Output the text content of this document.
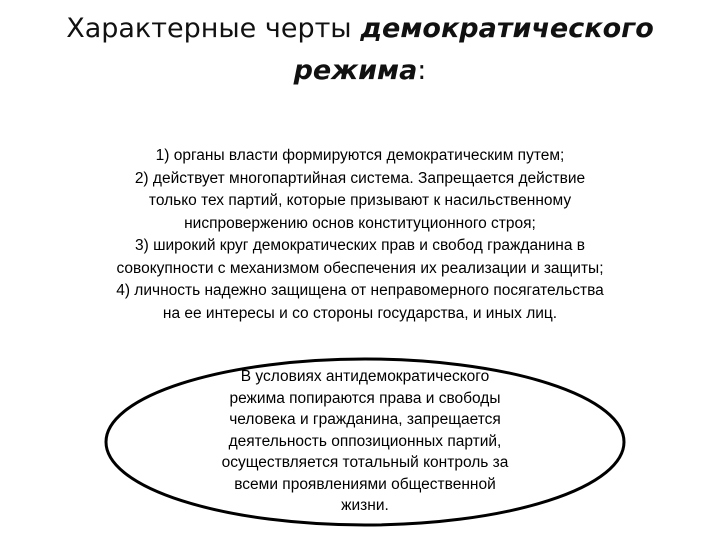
Характерные черты демократического
режима:
1) органы власти формируются демократическим путем;
2) действует многопартийная система. Запрещается действие
только тех партий, которые призывают к насильственному
ниспровержению основ конституционного строя;
3) широкий круг демократических прав и свобод гражданина в
совокупности с механизмом обеспечения их реализации и защиты;
4) личность надежно защищена от неправомерного посягательства
на ее интересы и со стороны государства, и иных лиц.
В условиях антидемократического
режима попираются права и свободы
человека и гражданина, запрещается
деятельность оппозиционных партий,
осуществляется тотальный контроль за
всеми проявлениями общественной
жизни.
